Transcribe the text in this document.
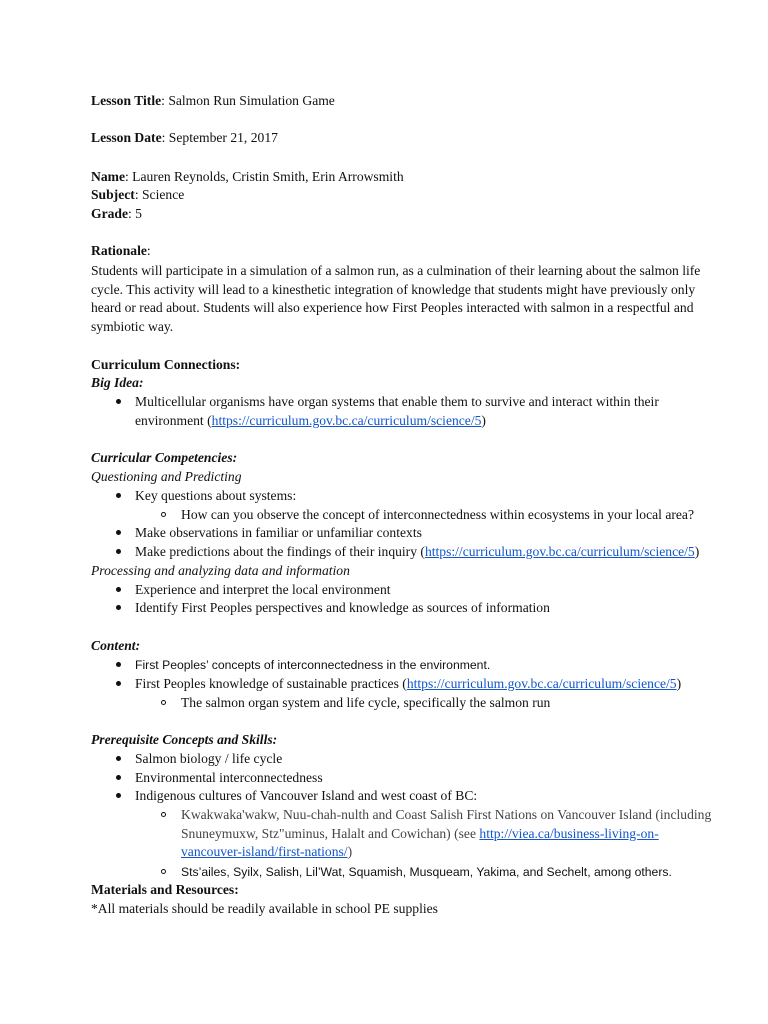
Lesson Title: Salmon Run Simulation Game
Lesson Date: September 21, 2017
Name: Lauren Reynolds, Cristin Smith, Erin Arrowsmith
Subject: Science
Grade: 5
Rationale:
Students will participate in a simulation of a salmon run, as a culmination of their learning about the salmon life
cycle. This activity will lead to a kinesthetic integration of knowledge that students might have previously only
heard or read about. Students will also experience how First Peoples interacted with salmon in a respectful and
symbiotic way.
Curriculum Connections:
Big Idea:
Multicellular organisms have organ systems that enable them to survive and interact within their
environment (https://curriculum.gov.bc.ca/curriculum/science/5)
Curricular Competencies:
Questioning and Predicting
Key questions about systems:
How can you observe the concept of interconnectedness within ecosystems in your local area?
Make observations in familiar or unfamiliar contexts
Make predictions about the findings of their inquiry (https://curriculum.gov.bc.ca/curriculum/science/5)
Processing and analyzing data and information
Experience and interpret the local environment
Identify First Peoples perspectives and knowledge as sources of information
Content:
First Peoples’ concepts of interconnectedness in the environment.
First Peoples knowledge of sustainable practices (https://curriculum.gov.bc.ca/curriculum/science/5)
The salmon organ system and life cycle, specifically the salmon run
Prerequisite Concepts and Skills:
Salmon biology / life cycle
Environmental interconnectedness
Indigenous cultures of Vancouver Island and west coast of BC:
Kwakwaka'wakw, Nuu-chah-nulth and Coast Salish First Nations on Vancouver Island (including
Snuneymuxw, Stz"uminus, Halalt and Cowichan) (see http://viea.ca/business-living-on-
vancouver-island/first-nations/)
Sts’ailes, Syilx, Salish, Lil’Wat, Squamish, Musqueam, Yakima, and Sechelt, among others.
Materials and Resources:
*All materials should be readily available in school PE supplies
